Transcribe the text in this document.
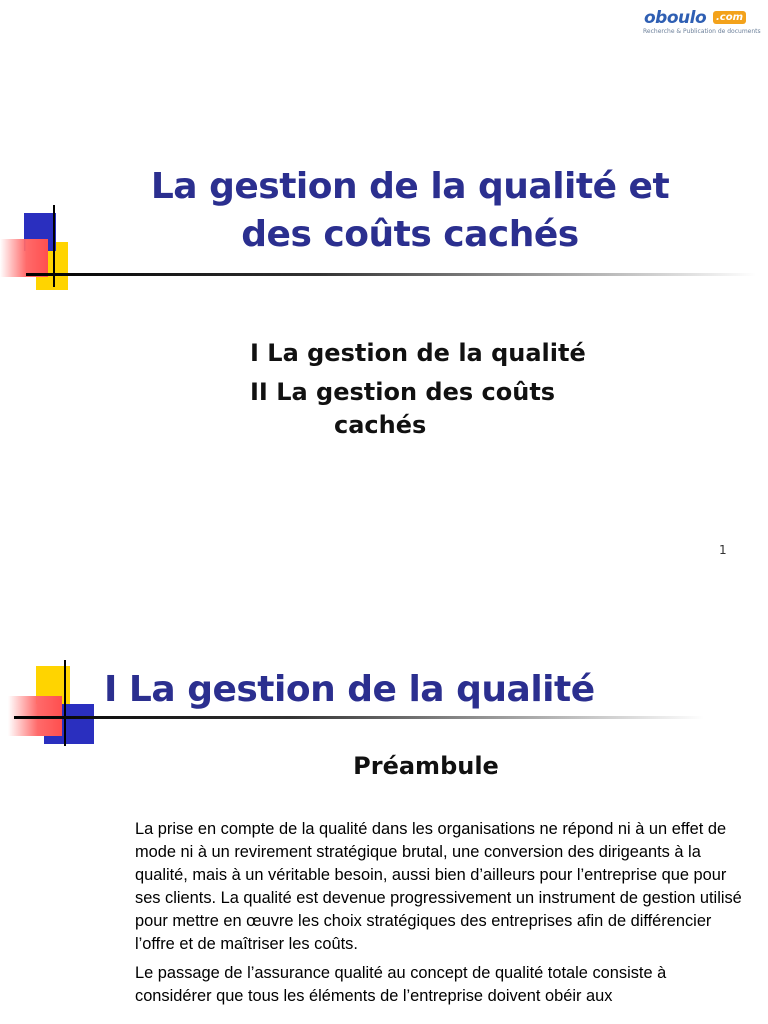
oboulo .com
Recherche & Publication de documents
La gestion de la qualité et
des coûts cachés
I La gestion de la qualité
II La gestion des coûts
cachés
1
I La gestion de la qualité
Préambule

La prise en compte de la qualité dans les organisations ne répond ni à un effet de mode ni à un revirement stratégique brutal, une conversion des dirigeants à la qualité, mais à un véritable besoin, aussi bien d’ailleurs pour l’entreprise que pour ses clients. La qualité est devenue progressivement un instrument de gestion utilisé pour mettre en œuvre les choix stratégiques des entreprises afin de différencier l’offre et de maîtriser les coûts.

Le passage de l’assurance qualité au concept de qualité totale consiste à considérer que tous les éléments de l’entreprise doivent obéir aux
